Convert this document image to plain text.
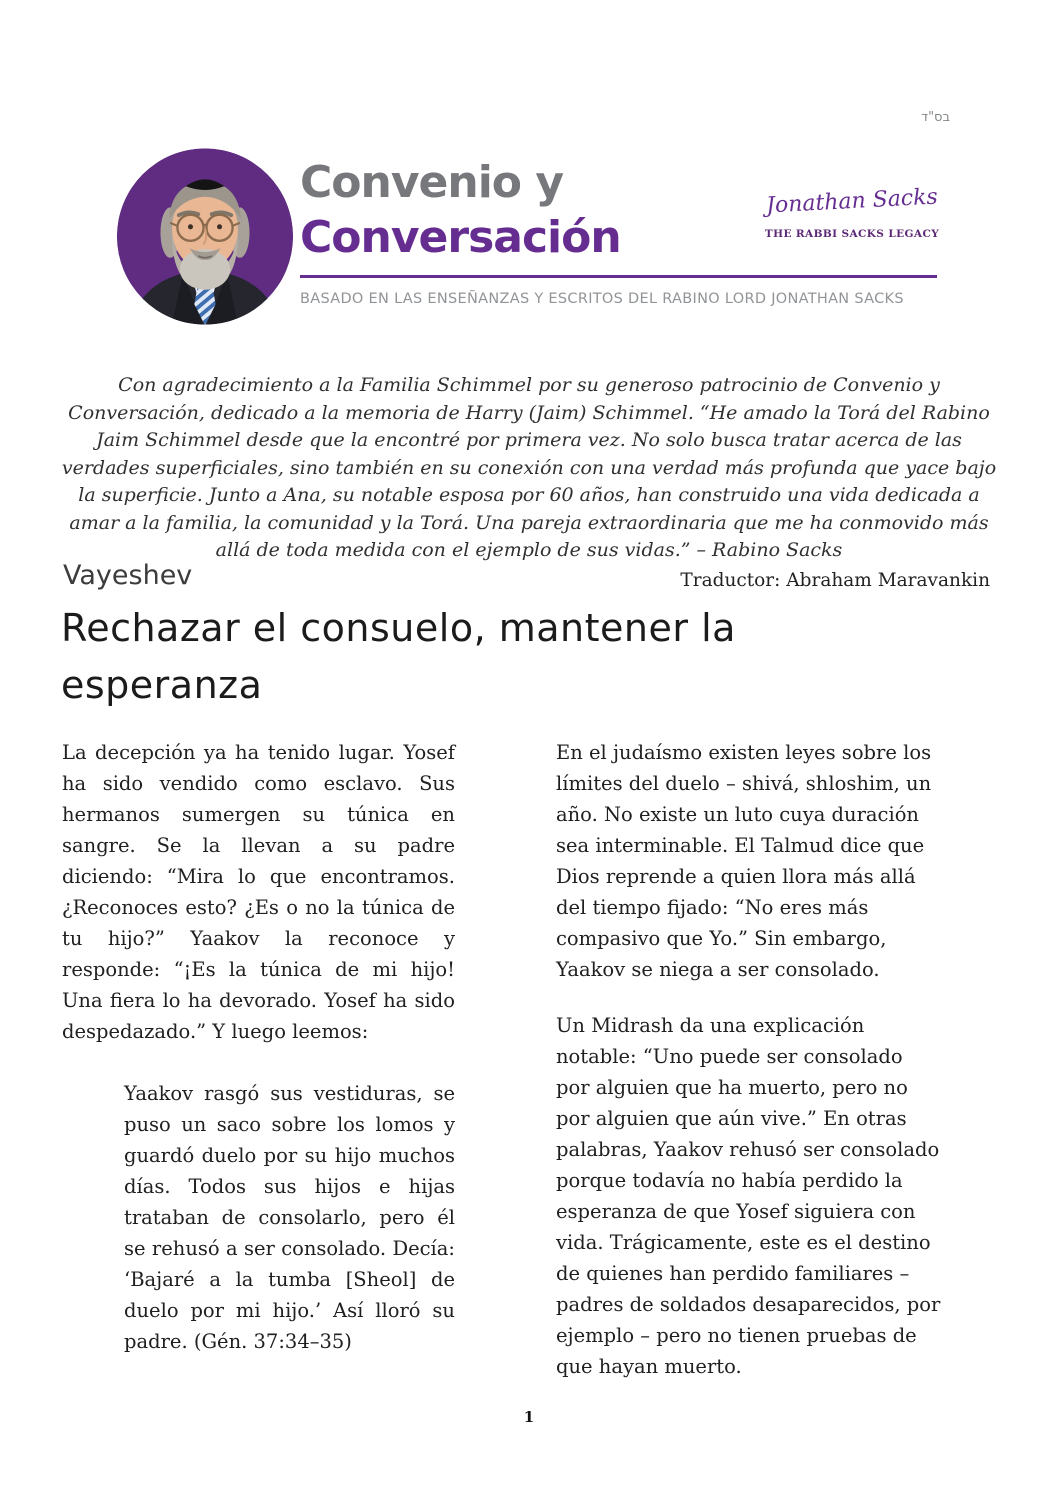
בס"ד
Convenio y
Conversación
BASADO EN LAS ENSEÑANZAS Y ESCRITOS DEL RABINO LORD JONATHAN SACKS
Jonathan Sacks
THE RABBI SACKS LEGACY

Con agradecimiento a la Familia Schimmel por su generoso patrocinio de Convenio y Conversación, dedicado a la memoria de Harry (Jaim) Schimmel. “He amado la Torá del Rabino Jaim Schimmel desde que la encontré por primera vez. No solo busca tratar acerca de las verdades superficiales, sino también en su conexión con una verdad más profunda que yace bajo la superficie. Junto a Ana, su notable esposa por 60 años, han construido una vida dedicada a amar a la familia, la comunidad y la Torá. Una pareja extraordinaria que me ha conmovido más allá de toda medida con el ejemplo de sus vidas.” – Rabino Sacks

Vayeshev	Traductor: Abraham Maravankin
Rechazar el consuelo, mantener la esperanza

La decepción ya ha tenido lugar. Yosef ha sido vendido como esclavo. Sus hermanos sumergen su túnica en sangre. Se la llevan a su padre diciendo: “Mira lo que encontramos. ¿Reconoces esto? ¿Es o no la túnica de tu hijo?” Yaakov la reconoce y responde: “¡Es la túnica de mi hijo! Una fiera lo ha devorado. Yosef ha sido despedazado.” Y luego leemos:

Yaakov rasgó sus vestiduras, se puso un saco sobre los lomos y guardó duelo por su hijo muchos días. Todos sus hijos e hijas trataban de consolarlo, pero él se rehusó a ser consolado. Decía: ‘Bajaré a la tumba [Sheol] de duelo por mi hijo.’ Así lloró su padre. (Gén. 37:34–35)

En el judaísmo existen leyes sobre los límites del duelo – shivá, shloshim, un año. No existe un luto cuya duración sea interminable. El Talmud dice que Dios reprende a quien llora más allá del tiempo fijado: “No eres más compasivo que Yo.” Sin embargo, Yaakov se niega a ser consolado.

Un Midrash da una explicación notable: “Uno puede ser consolado por alguien que ha muerto, pero no por alguien que aún vive.” En otras palabras, Yaakov rehusó ser consolado porque todavía no había perdido la esperanza de que Yosef siguiera con vida. Trágicamente, este es el destino de quienes han perdido familiares – padres de soldados desaparecidos, por ejemplo – pero no tienen pruebas de que hayan muerto.

1
